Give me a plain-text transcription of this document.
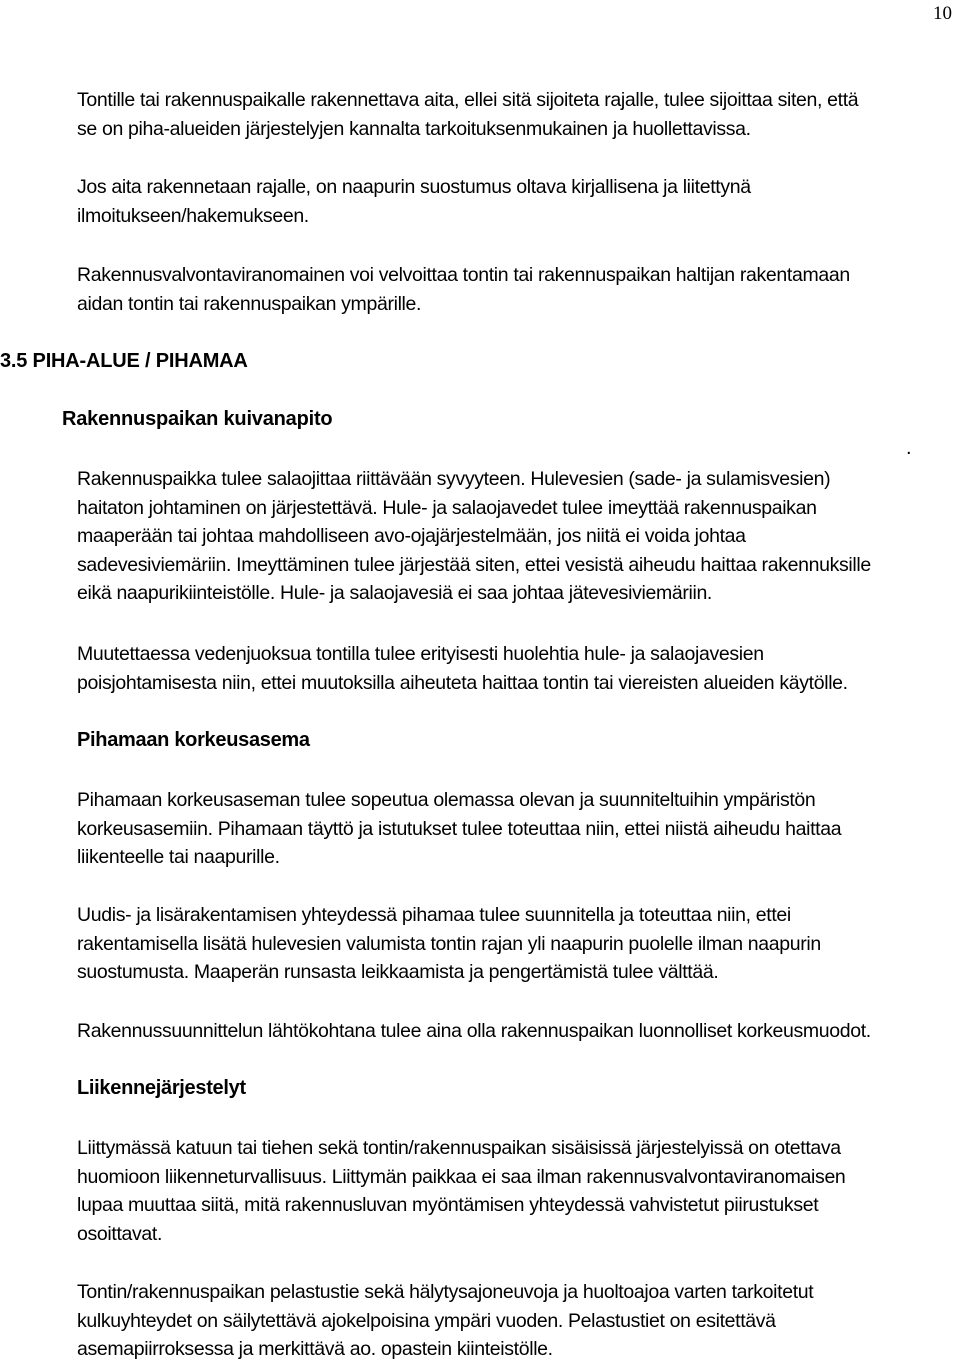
10
Tontille tai rakennuspaikalle rakennettava aita, ellei sitä sijoiteta rajalle, tulee sijoittaa siten, että
se on piha-alueiden järjestelyjen kannalta tarkoituksenmukainen ja huollettavissa.
Jos aita rakennetaan rajalle, on naapurin suostumus oltava kirjallisena ja liitettynä
ilmoitukseen/hakemukseen.
Rakennusvalvontaviranomainen voi velvoittaa tontin tai rakennuspaikan haltijan rakentamaan
aidan tontin tai rakennuspaikan ympärille.
3.5 PIHA-ALUE / PIHAMAA
Rakennuspaikan kuivanapito
.
Rakennuspaikka tulee salaojittaa riittävään syvyyteen. Hulevesien (sade- ja sulamisvesien)
haitaton johtaminen on järjestettävä. Hule- ja salaojavedet tulee imeyttää rakennuspaikan
maaperään tai johtaa mahdolliseen avo-ojajärjestelmään, jos niitä ei voida johtaa
sadevesiviemäriin. Imeyttäminen tulee järjestää siten, ettei vesistä aiheudu haittaa rakennuksille
eikä naapurikiinteistölle. Hule- ja salaojavesiä ei saa johtaa jätevesiviemäriin.
Muutettaessa vedenjuoksua tontilla tulee erityisesti huolehtia hule- ja salaojavesien
poisjohtamisesta niin, ettei muutoksilla aiheuteta haittaa tontin tai viereisten alueiden käytölle.
Pihamaan korkeusasema
Pihamaan korkeusaseman tulee sopeutua olemassa olevan ja suunniteltuihin ympäristön
korkeusasemiin. Pihamaan täyttö ja istutukset tulee toteuttaa niin, ettei niistä aiheudu haittaa
liikenteelle tai naapurille.
Uudis- ja lisärakentamisen yhteydessä pihamaa tulee suunnitella ja toteuttaa niin, ettei
rakentamisella lisätä hulevesien valumista tontin rajan yli naapurin puolelle ilman naapurin
suostumusta. Maaperän runsasta leikkaamista ja pengertämistä tulee välttää.
Rakennussuunnittelun lähtökohtana tulee aina olla rakennuspaikan luonnolliset korkeusmuodot.
Liikennejärjestelyt
Liittymässä katuun tai tiehen sekä tontin/rakennuspaikan sisäisissä järjestelyissä on otettava
huomioon liikenneturvallisuus. Liittymän paikkaa ei saa ilman rakennusvalvontaviranomaisen
lupaa muuttaa siitä, mitä rakennusluvan myöntämisen yhteydessä vahvistetut piirustukset
osoittavat.
Tontin/rakennuspaikan pelastustie sekä hälytysajoneuvoja ja huoltoajoa varten tarkoitetut
kulkuyhteydet on säilytettävä ajokelpoisina ympäri vuoden. Pelastustiet on esitettävä
asemapiirroksessa ja merkittävä ao. opastein kiinteistölle.
